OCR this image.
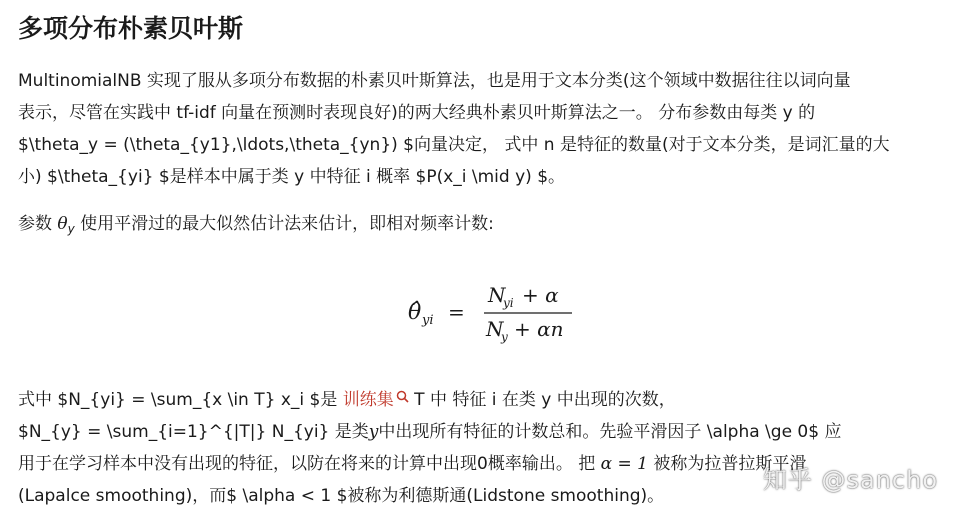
多项分布朴素贝叶斯
MultinomialNB 实现了服从多项分布数据的朴素贝叶斯算法，也是用于文本分类(这个领域中数据往往以词向量
表示，尽管在实践中 tf-idf 向量在预测时表现良好)的两大经典朴素贝叶斯算法之一。 分布参数由每类 y 的
$\theta_y = (\theta_{y1},\ldots,\theta_{yn}) $向量决定， 式中 n 是特征的数量(对于文本分类，是词汇量的大
小) $\theta_{yi} $是样本中属于类 y 中特征 i 概率 $P(x_i \mid y) $。
参数 $\theta_y$ 使用平滑过的最大似然估计法来估计，即相对频率计数:
θ̂ yi =
N
yi + α
N
y + αn
式中 $N_{yi} = \sum_{x \in T} x_i $是 训练集 T 中 特征 i 在类 y 中出现的次数，
$N_{y} = \sum_{i=1}^{|T|} N_{yi} 是类y中出现所有特征的计数总和。先验平滑因子 \alpha \ge 0$ 应
用于在学习样本中没有出现的特征，以防在将来的计算中出现0概率输出。 把 α = 1 被称为拉普拉斯平滑
(Lapalce smoothing)，而$ \alpha < 1 $被称为利德斯通(Lidstone smoothing)。
知乎 @sancho
